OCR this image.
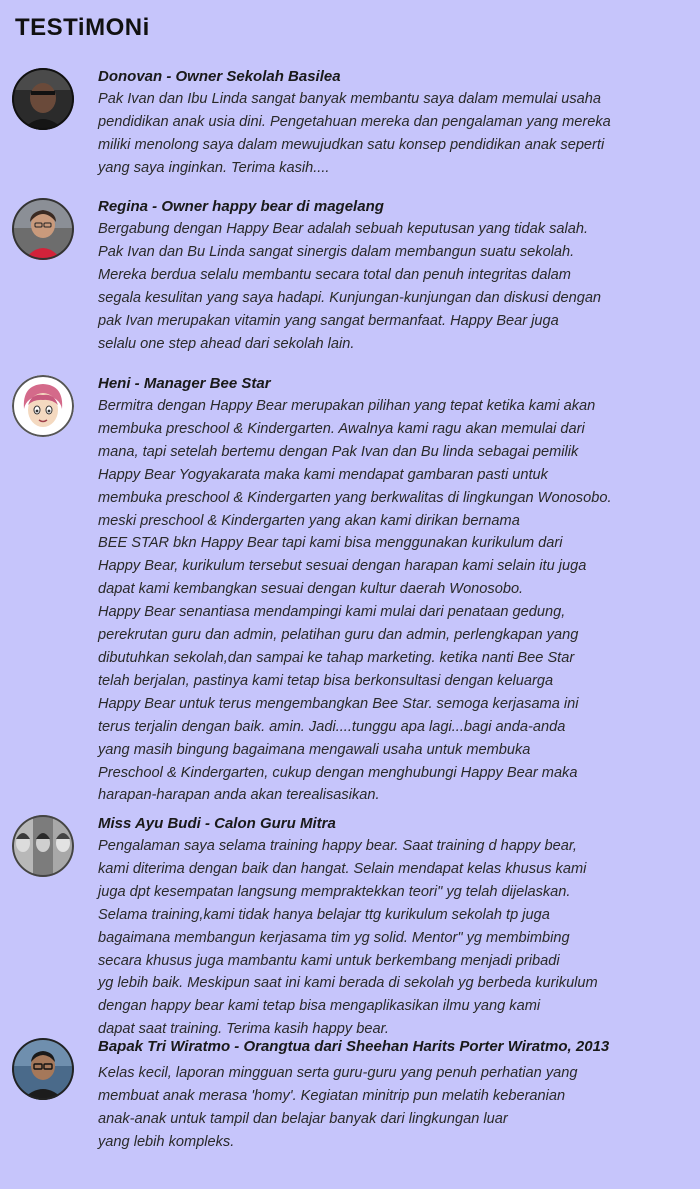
TESTiMONi
Donovan - Owner Sekolah Basilea
Pak Ivan dan Ibu Linda sangat banyak membantu saya dalam memulai usaha
pendidikan anak usia dini. Pengetahuan mereka dan pengalaman yang mereka
miliki menolong saya dalam mewujudkan satu konsep pendidikan anak seperti
yang saya inginkan. Terima kasih....
Regina - Owner happy bear di magelang
Bergabung dengan Happy Bear adalah sebuah keputusan yang tidak salah.
Pak Ivan dan Bu Linda sangat sinergis dalam membangun suatu sekolah.
Mereka berdua selalu membantu secara total dan penuh integritas dalam
segala kesulitan yang saya hadapi. Kunjungan-kunjungan dan diskusi dengan
pak Ivan merupakan vitamin yang sangat bermanfaat. Happy Bear juga
selalu one step ahead dari sekolah lain.
Heni - Manager Bee Star
Bermitra dengan Happy Bear merupakan pilihan yang tepat ketika kami akan
membuka preschool & Kindergarten. Awalnya kami ragu akan memulai dari
mana, tapi setelah bertemu dengan Pak Ivan dan Bu linda sebagai pemilik
Happy Bear Yogyakarata maka kami mendapat gambaran pasti untuk
membuka preschool & Kindergarten yang berkwalitas di lingkungan Wonosobo.
meski preschool & Kindergarten yang akan kami dirikan bernama
BEE STAR bkn Happy Bear tapi kami bisa menggunakan kurikulum dari
Happy Bear, kurikulum tersebut sesuai dengan harapan kami selain itu juga
dapat kami kembangkan sesuai dengan kultur daerah Wonosobo.
Happy Bear senantiasa mendampingi kami mulai dari penataan gedung,
perekrutan guru dan admin, pelatihan guru dan admin, perlengkapan yang
dibutuhkan sekolah,dan sampai ke tahap marketing. ketika nanti Bee Star
telah berjalan, pastinya kami tetap bisa berkonsultasi dengan keluarga
Happy Bear untuk terus mengembangkan Bee Star. semoga kerjasama ini
terus terjalin dengan baik. amin. Jadi....tunggu apa lagi...bagi anda-anda
yang masih bingung bagaimana mengawali usaha untuk membuka
Preschool & Kindergarten, cukup dengan menghubungi Happy Bear maka
harapan-harapan anda akan terealisasikan.
Miss Ayu Budi - Calon Guru Mitra
Pengalaman saya selama training happy bear. Saat training d happy bear,
kami diterima dengan baik dan hangat. Selain mendapat kelas khusus kami
juga dpt kesempatan langsung mempraktekkan teori" yg telah dijelaskan.
Selama training,kami tidak hanya belajar ttg kurikulum sekolah tp juga
bagaimana membangun kerjasama tim yg solid. Mentor" yg membimbing
secara khusus juga mambantu kami untuk berkembang menjadi pribadi
yg lebih baik. Meskipun saat ini kami berada di sekolah yg berbeda kurikulum
dengan happy bear kami tetap bisa mengaplikasikan ilmu yang kami
dapat saat training. Terima kasih happy bear.
Bapak Tri Wiratmo - Orangtua dari Sheehan Harits Porter Wiratmo, 2013
Kelas kecil, laporan mingguan serta guru-guru yang penuh perhatian yang
membuat anak merasa 'homy'. Kegiatan minitrip pun melatih keberanian
anak-anak untuk tampil dan belajar banyak dari lingkungan luar
yang lebih kompleks.
